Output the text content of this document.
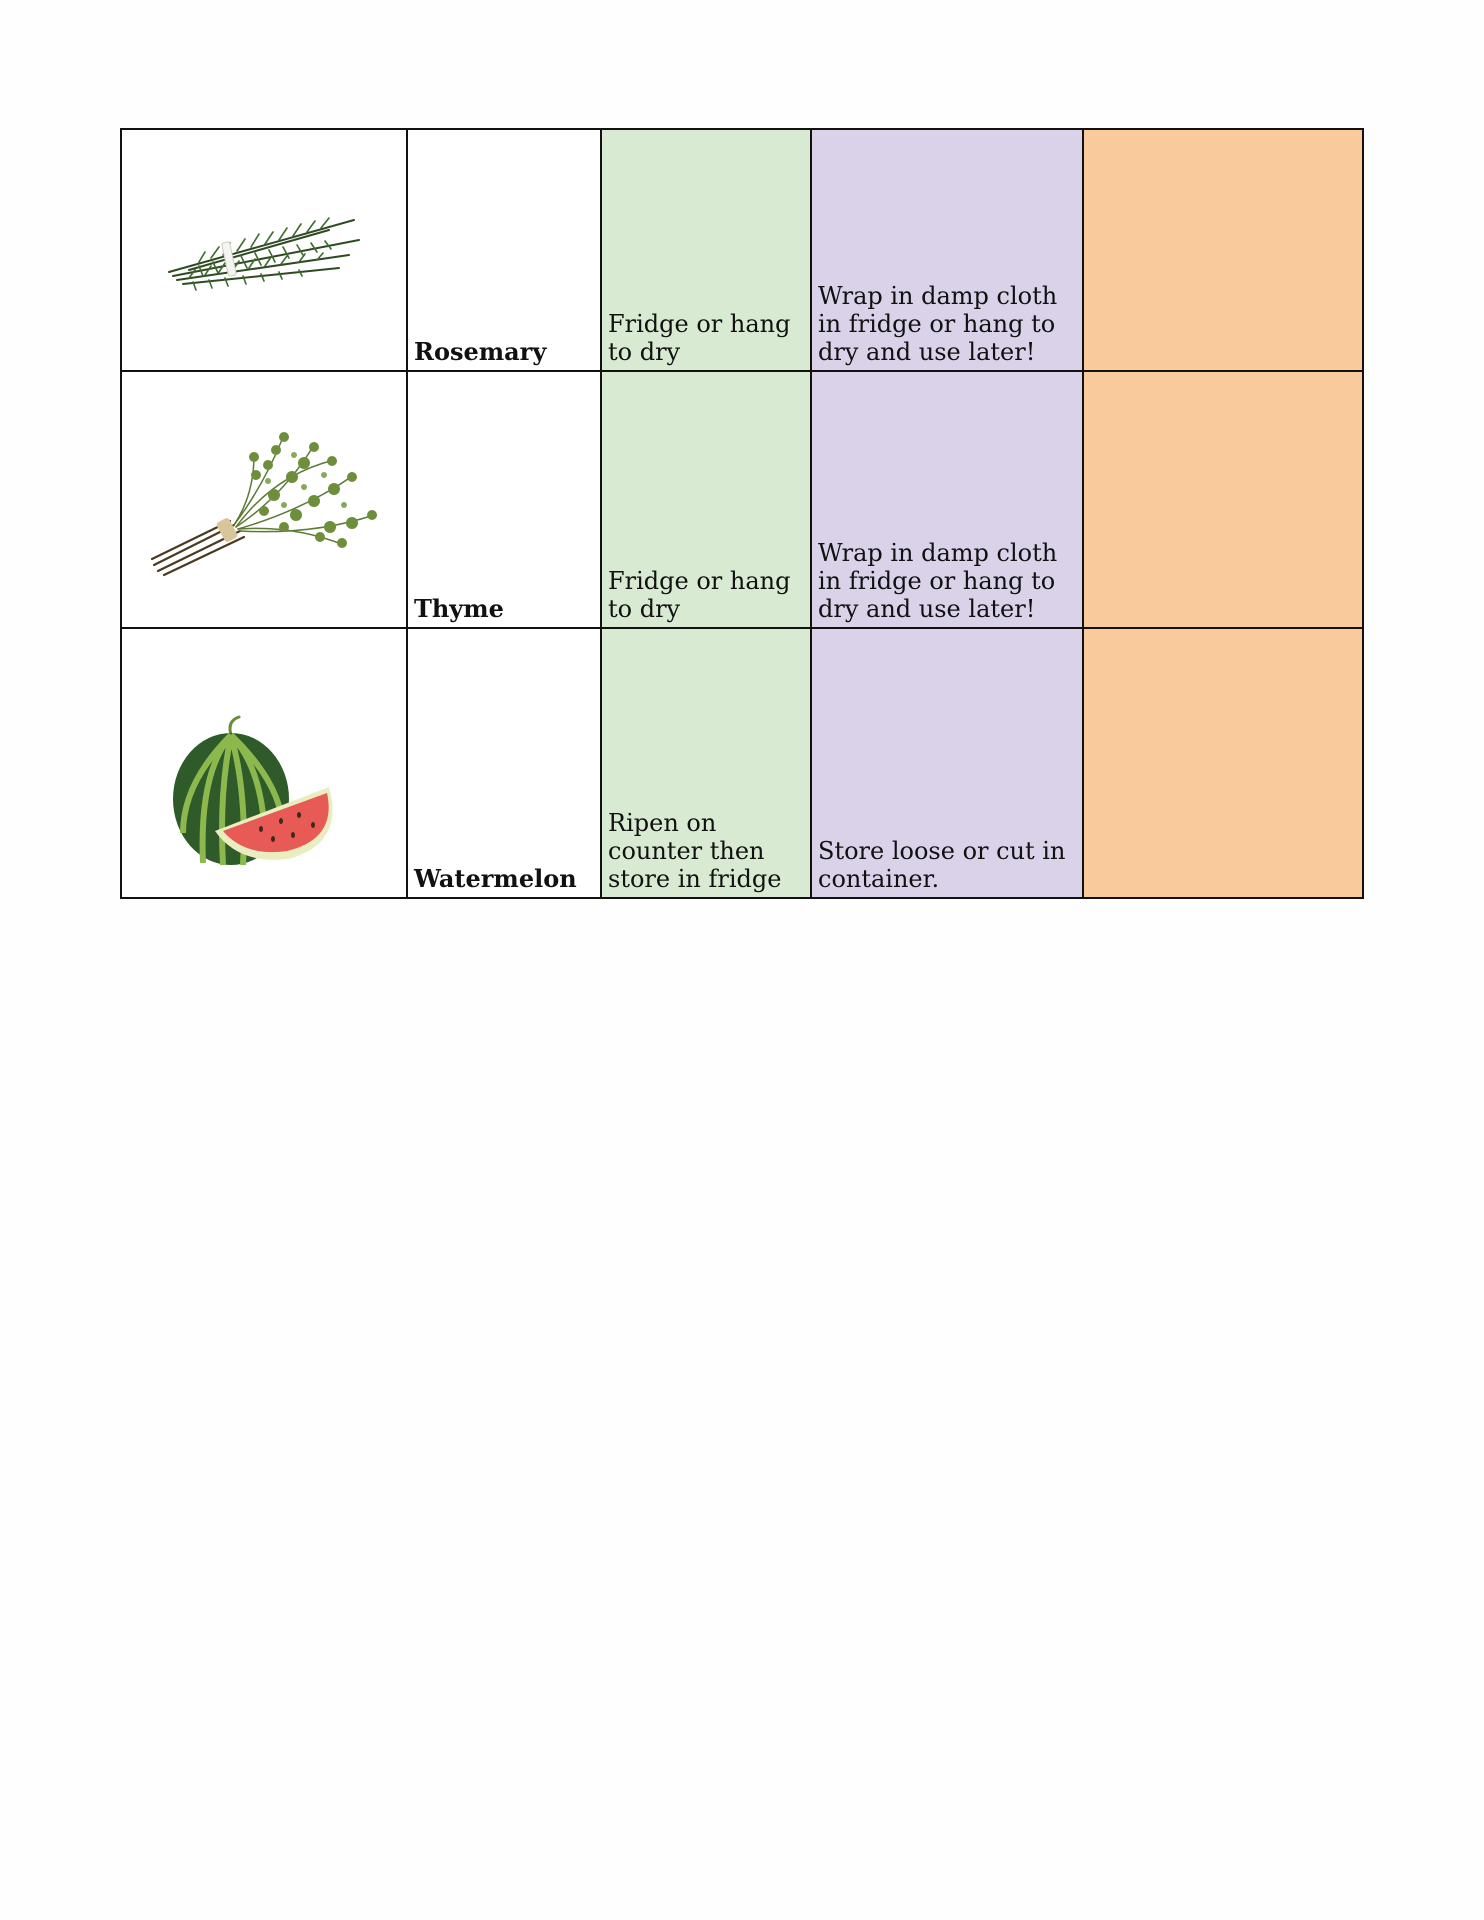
	Rosemary	Fridge or hang to dry	Wrap in damp cloth in fridge or hang to dry and use later!	

	Thyme	Fridge or hang to dry	Wrap in damp cloth in fridge or hang to dry and use later!	

	Watermelon	Ripen on counter then store in fridge	Store loose or cut in container.	
